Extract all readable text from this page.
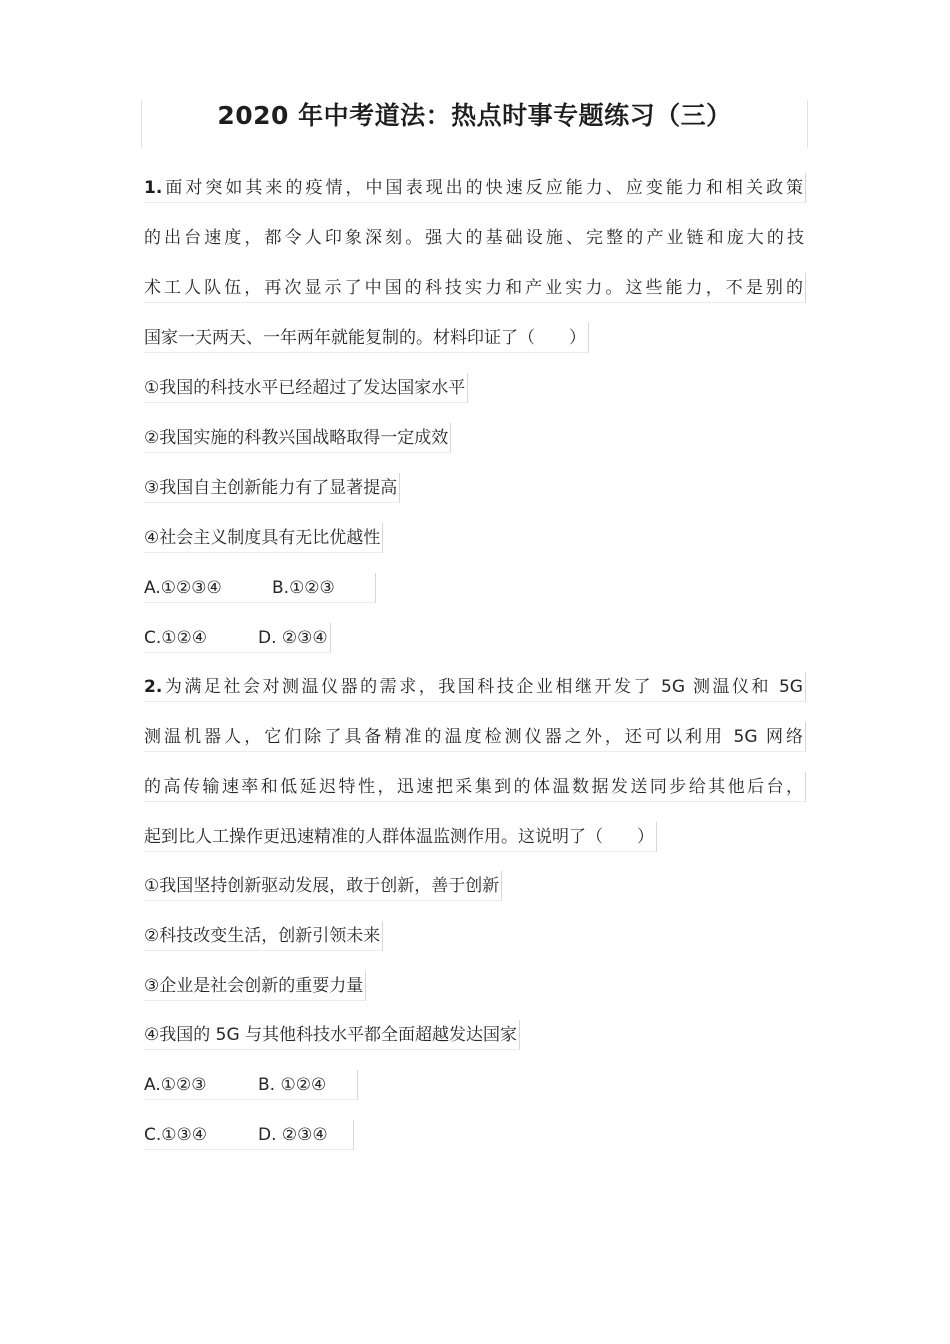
2020 年中考道法：热点时事专题练习（三）
1.面对突如其来的疫情，中国表现出的快速反应能力、应变能力和相关政策
的出台速度，都令人印象深刻。强大的基础设施、完整的产业链和庞大的技
术工人队伍，再次显示了中国的科技实力和产业实力。这些能力，不是别的
国家一天两天、一年两年就能复制的。材料印证了（　　）
①我国的科技水平已经超过了发达国家水平
②我国实施的科教兴国战略取得一定成效
③我国自主创新能力有了显著提高
④社会主义制度具有无比优越性
A.①②③④	B.①②③
C.①②④	D. ②③④
2.为满足社会对测温仪器的需求，我国科技企业相继开发了 5G 测温仪和 5G
测温机器人，它们除了具备精准的温度检测仪器之外，还可以利用 5G 网络
的高传输速率和低延迟特性，迅速把采集到的体温数据发送同步给其他后台，
起到比人工操作更迅速精准的人群体温监测作用。这说明了（　　）
①我国坚持创新驱动发展，敢于创新，善于创新
②科技改变生活，创新引领未来
③企业是社会创新的重要力量
④我国的 5G 与其他科技水平都全面超越发达国家
A.①②③	B. ①②④
C.①③④	D. ②③④
